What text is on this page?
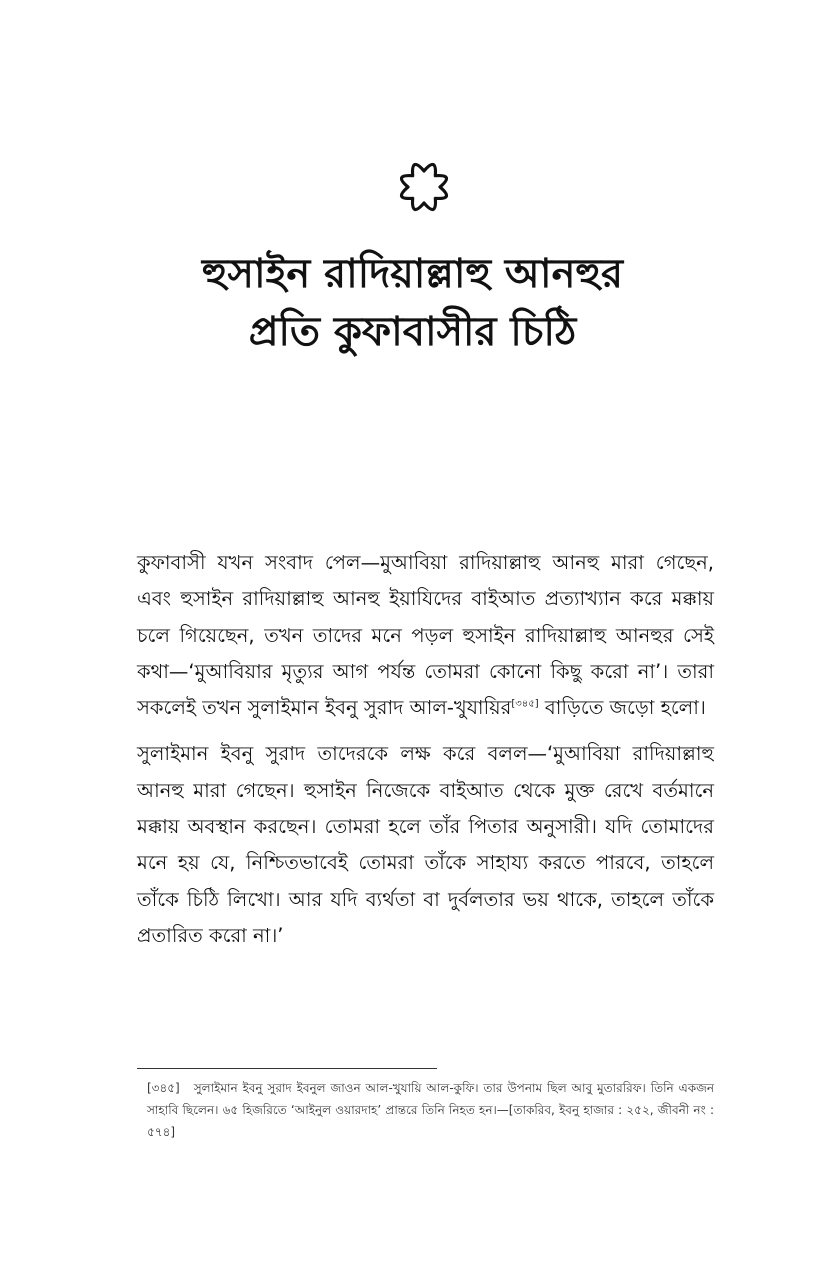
হুসাইন রাদিয়াল্লাহু আনহুর
প্রতি কুফাবাসীর চিঠি

কুফাবাসী যখন সংবাদ পেল—মুআবিয়া রাদিয়াল্লাহু আনহু মারা গেছেন, এবং হুসাইন রাদিয়াল্লাহু আনহু ইয়াযিদের বাইআত প্রত্যাখ্যান করে মক্কায় চলে গিয়েছেন, তখন তাদের মনে পড়ল হুসাইন রাদিয়াল্লাহু আনহুর সেই কথা—‘মুআবিয়ার মৃত্যুর আগ পর্যন্ত তোমরা কোনো কিছু করো না’। তারা সকলেই তখন সুলাইমান ইবনু সুরাদ আল-খুযায়ির[৩৪৫] বাড়িতে জড়ো হলো।

সুলাইমান ইবনু সুরাদ তাদেরকে লক্ষ করে বলল—‘মুআবিয়া রাদিয়াল্লাহু আনহু মারা গেছেন। হুসাইন নিজেকে বাইআত থেকে মুক্ত রেখে বর্তমানে মক্কায় অবস্থান করছেন। তোমরা হলে তাঁর পিতার অনুসারী। যদি তোমাদের মনে হয় যে, নিশ্চিতভাবেই তোমরা তাঁকে সাহায্য করতে পারবে, তাহলে তাঁকে চিঠি লিখো। আর যদি ব্যর্থতা বা দুর্বলতার ভয় থাকে, তাহলে তাঁকে প্রতারিত করো না।’

[৩৪৫] সুলাইমান ইবনু সুরাদ ইবনুল জাওন আল-খুযায়ি আল-কুফি। তার উপনাম ছিল আবু মুতাররিফ। তিনি একজন সাহাবি ছিলেন। ৬৫ হিজরিতে ‘আইনুল ওয়ারদাহ’ প্রান্তরে তিনি নিহত হন।—[তাকরিব, ইবনু হাজার : ২৫২, জীবনী নং : ৫৭৪]
